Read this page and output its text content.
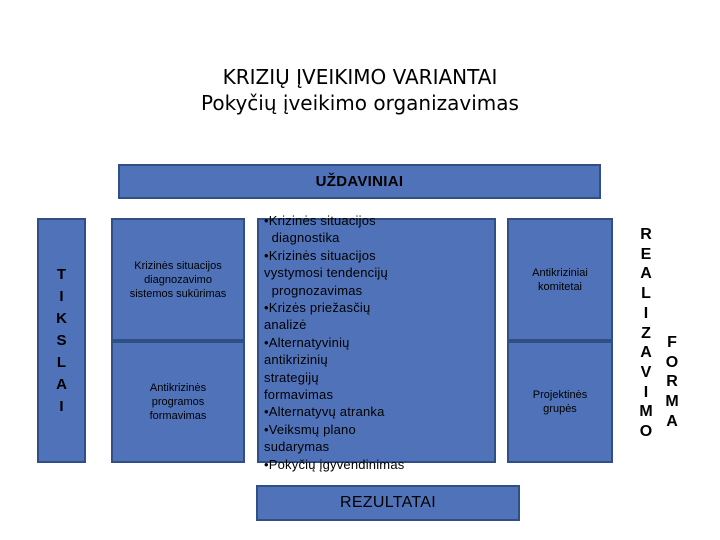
KRIZIŲ ĮVEIKIMO VARIANTAI
Pokyčių įveikimo organizavimas
UŽDAVINIAI
T
I
K
S
L
A
I
Krizinės situacijos diagnozavimo sistemos sukūrimas
Antikrizinės programos formavimas
•Krizinės situacijos
diagnostika
•Krizinės situacijos
vystymosi tendencijų
prognozavimas
•Krizės priežasčių
analizė
•Alternatyvinių
antikrizinių
strategijų
formavimas
•Alternatyvų atranka
•Veiksmų plano
sudarymas
•Pokyčių įgyvendinimas
Antikriziniai komitetai
Projektinės grupės
REZULTATAI
R
E
A
L
I
Z
A
V
I
M
O
F
O
R
M
A
